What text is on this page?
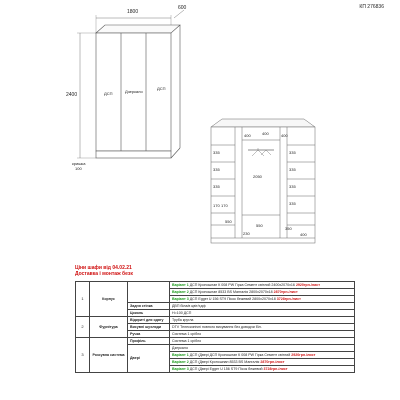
КП 276836
1800
600
2400
кришка
100
ДСП	Дзеркало
ДСП
400	400	400
335
335
335
335
335
335
2050
170 170
550
230
350
550
335
400
Ціни шафи від 04.02.21
Доставка і монтаж безк
1	Корпус		Варіант 1 ДСП Кроношпан К 008 PW Гірка Cемент світлий 2400х2070х16 2920грн./лист
			Варіант 2 ДСП Кроношпан 8533 BS Мангалія 2800х2070х18 2870грн./лист
			Варіант 3 ДСП Egger U 156 ST9 Пісок бежевий 2800х2070х18 3728грн./лист
		Задня стінка	ДВП біла/в цвіт/хдф
		Цоколь	H=100 ДСП
2	Фурнітура	Відкриті для одягу	Труба кругла
		Висувні шухляди	DTV Телескопічні повного висування без доводчи біл.
		Ручка	Cистема 1 срібло
3	Розсувна система	Профіль	Cистема 1 срібло
		Двері	Дзеркало
			Варіант 1 ДСП (Двері ДСП Кроношпан К 008 PW Гірка Cемент світлий 2920грн./лист
			Варіант 2 ДСП (Двері Кроношпан 8533 BS Мангалія 2870грн./лист
			Варіант 3 ДСП (Двері Egger U 156 ST9 Пісок бежевий 3728грн./лист
